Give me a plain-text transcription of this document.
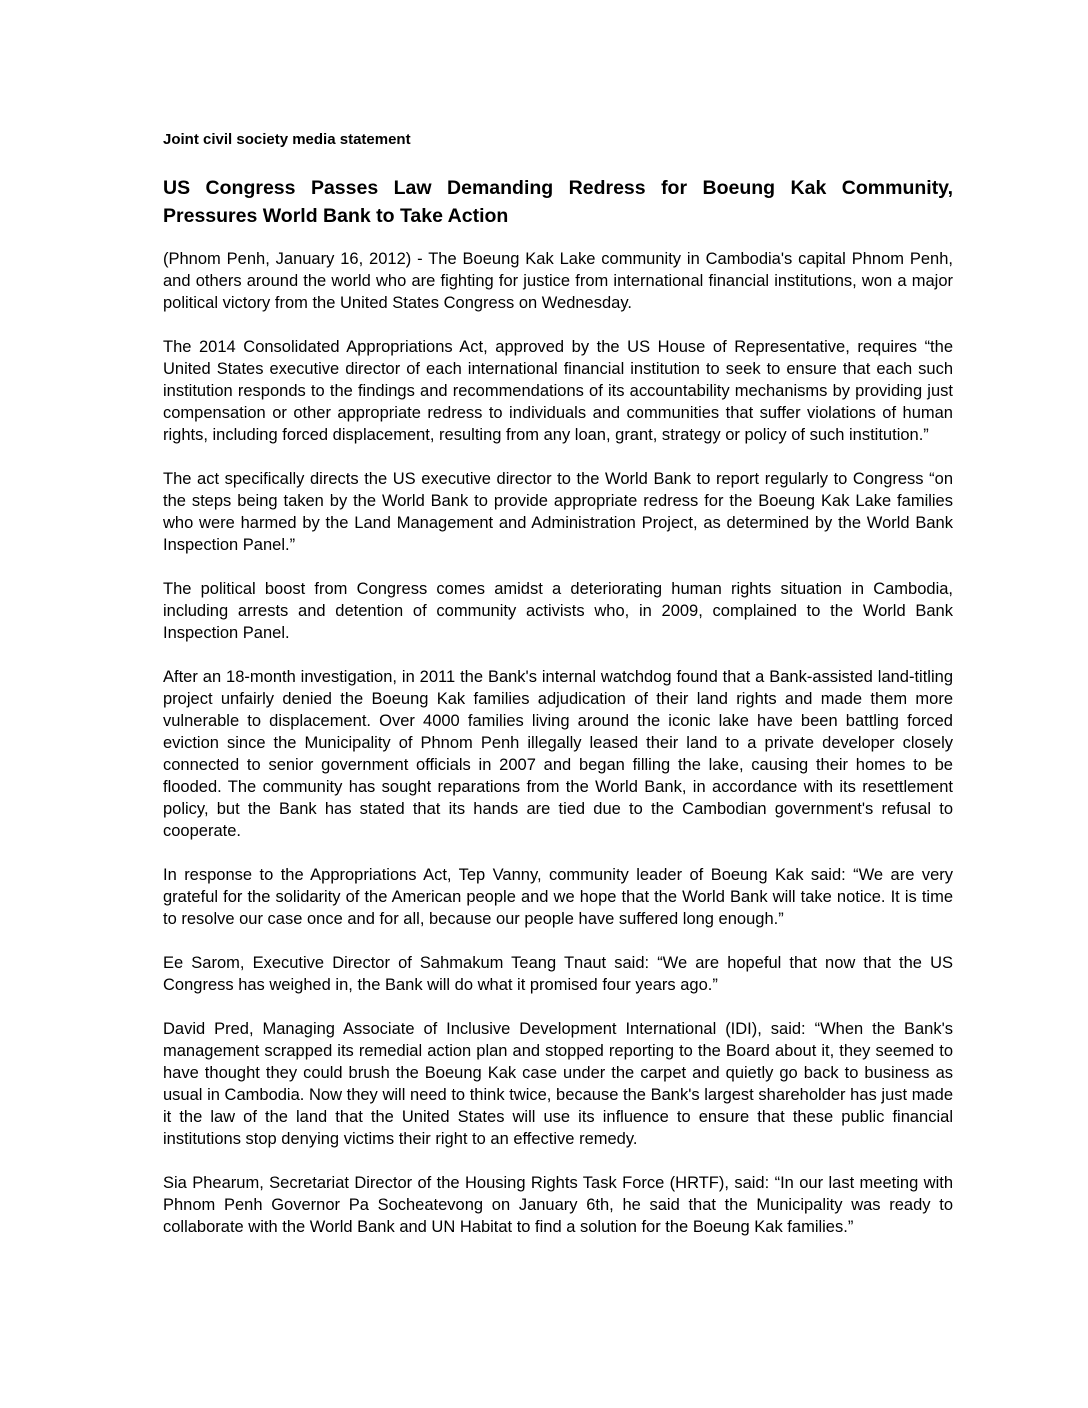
Joint civil society media statement

US Congress Passes Law Demanding Redress for Boeung Kak Community, Pressures World Bank to Take Action

(Phnom Penh, January 16, 2012) - The Boeung Kak Lake community in Cambodia's capital Phnom Penh, and others around the world who are fighting for justice from international financial institutions, won a major political victory from the United States Congress on Wednesday.

The 2014 Consolidated Appropriations Act, approved by the US House of Representative, requires “the United States executive director of each international financial institution to seek to ensure that each such institution responds to the findings and recommendations of its accountability mechanisms by providing just compensation or other appropriate redress to individuals and communities that suffer violations of human rights, including forced displacement, resulting from any loan, grant, strategy or policy of such institution.”

The act specifically directs the US executive director to the World Bank to report regularly to Congress “on the steps being taken by the World Bank to provide appropriate redress for the Boeung Kak Lake families who were harmed by the Land Management and Administration Project, as determined by the World Bank Inspection Panel.”

The political boost from Congress comes amidst a deteriorating human rights situation in Cambodia, including arrests and detention of community activists who, in 2009, complained to the World Bank Inspection Panel.

After an 18-month investigation, in 2011 the Bank's internal watchdog found that a Bank-assisted land-titling project unfairly denied the Boeung Kak families adjudication of their land rights and made them more vulnerable to displacement. Over 4000 families living around the iconic lake have been battling forced eviction since the Municipality of Phnom Penh illegally leased their land to a private developer closely connected to senior government officials in 2007 and began filling the lake, causing their homes to be flooded. The community has sought reparations from the World Bank, in accordance with its resettlement policy, but the Bank has stated that its hands are tied due to the Cambodian government's refusal to cooperate.

In response to the Appropriations Act, Tep Vanny, community leader of Boeung Kak said: “We are very grateful for the solidarity of the American people and we hope that the World Bank will take notice. It is time to resolve our case once and for all, because our people have suffered long enough.”

Ee Sarom, Executive Director of Sahmakum Teang Tnaut said: “We are hopeful that now that the US Congress has weighed in, the Bank will do what it promised four years ago.”

David Pred, Managing Associate of Inclusive Development International (IDI), said: “When the Bank's management scrapped its remedial action plan and stopped reporting to the Board about it, they seemed to have thought they could brush the Boeung Kak case under the carpet and quietly go back to business as usual in Cambodia. Now they will need to think twice, because the Bank's largest shareholder has just made it the law of the land that the United States will use its influence to ensure that these public financial institutions stop denying victims their right to an effective remedy.

Sia Phearum, Secretariat Director of the Housing Rights Task Force (HRTF), said: “In our last meeting with Phnom Penh Governor Pa Socheatevong on January 6th, he said that the Municipality was ready to collaborate with the World Bank and UN Habitat to find a solution for the Boeung Kak families.”
